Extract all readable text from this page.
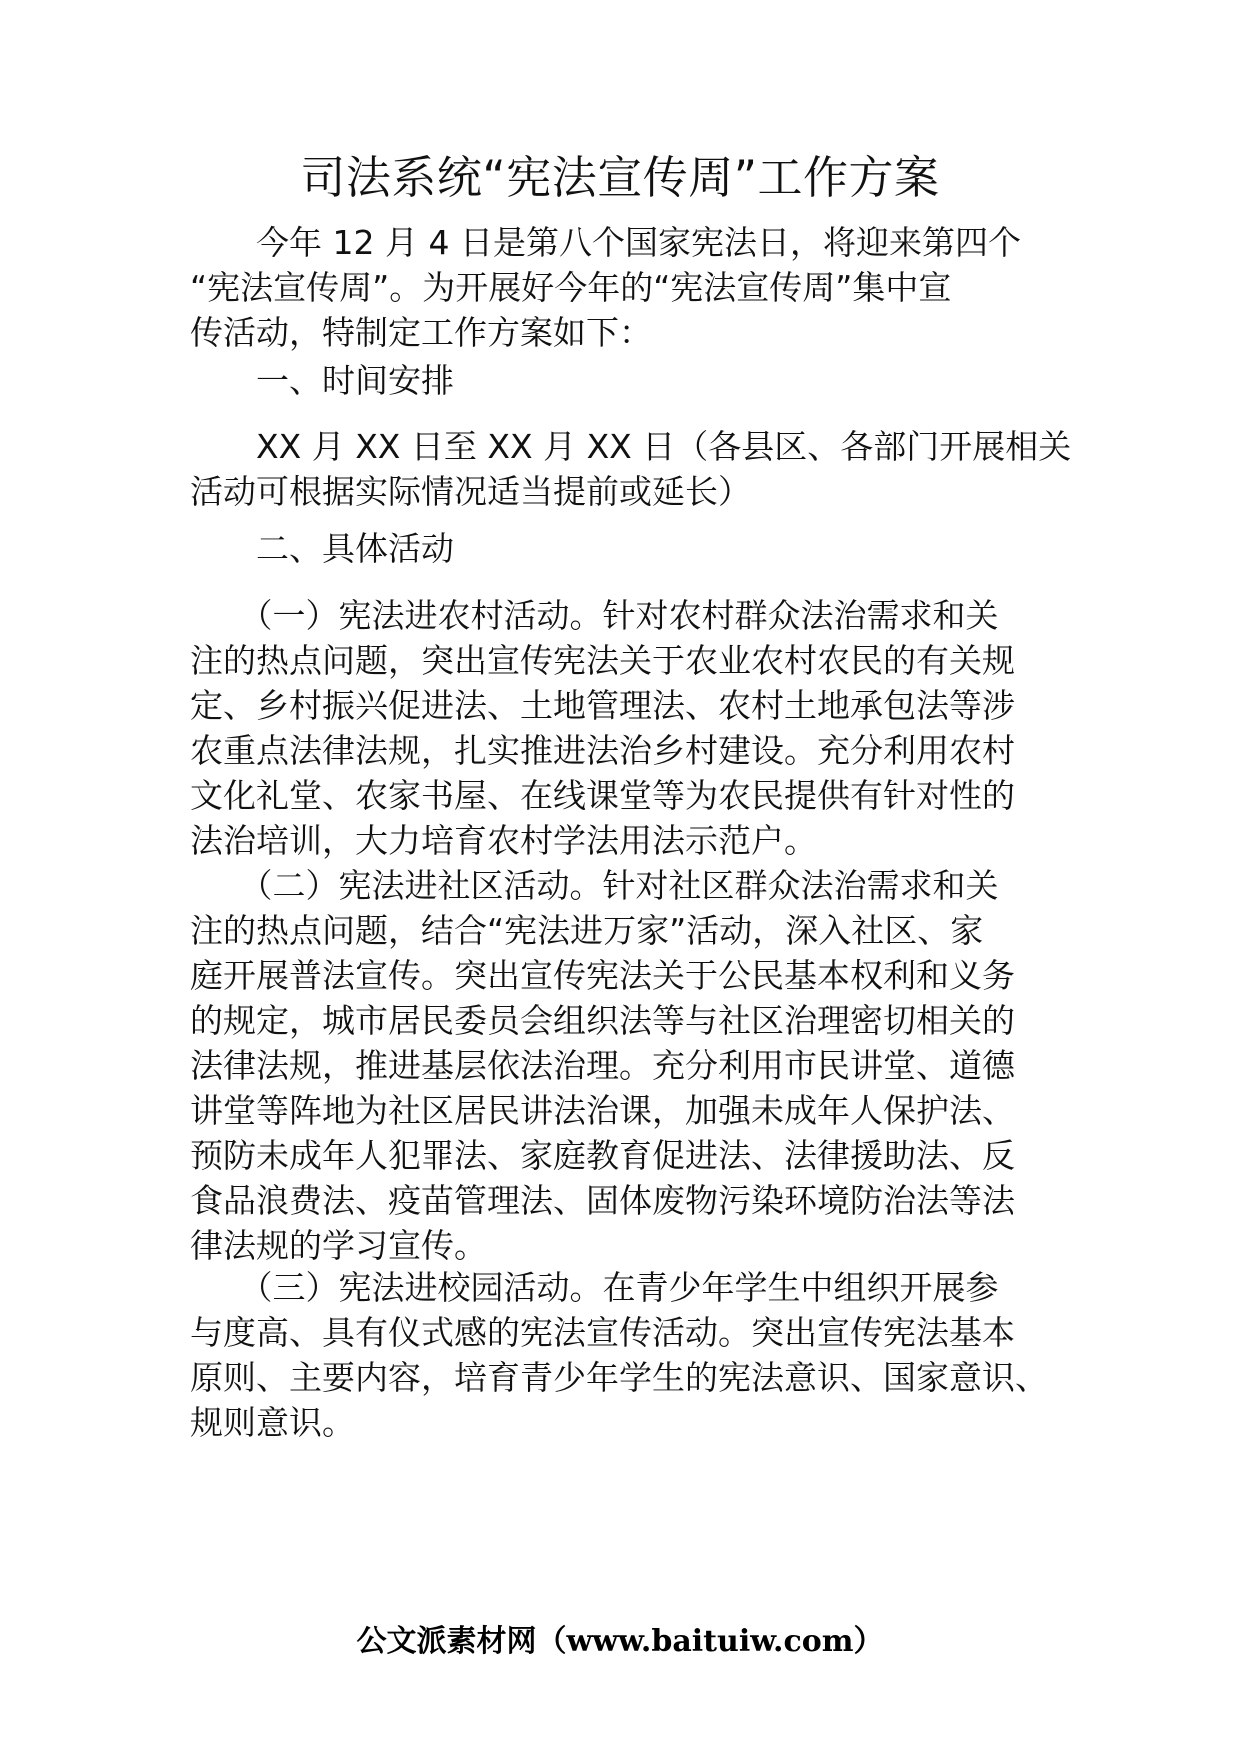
司法系统“宪法宣传周”工作方案

　　今年 12 月 4 日是第八个国家宪法日，将迎来第四个
“宪法宣传周”。为开展好今年的“宪法宣传周”集中宣
传活动，特制定工作方案如下：

　　一、时间安排

　　XX 月 XX 日至 XX 月 XX 日（各县区、各部门开展相关
活动可根据实际情况适当提前或延长）

　　二、具体活动

　　（一）宪法进农村活动。针对农村群众法治需求和关
注的热点问题，突出宣传宪法关于农业农村农民的有关规
定、乡村振兴促进法、土地管理法、农村土地承包法等涉
农重点法律法规，扎实推进法治乡村建设。充分利用农村
文化礼堂、农家书屋、在线课堂等为农民提供有针对性的
法治培训，大力培育农村学法用法示范户。

　　（二）宪法进社区活动。针对社区群众法治需求和关
注的热点问题，结合“宪法进万家”活动，深入社区、家
庭开展普法宣传。突出宣传宪法关于公民基本权利和义务
的规定，城市居民委员会组织法等与社区治理密切相关的
法律法规，推进基层依法治理。充分利用市民讲堂、道德
讲堂等阵地为社区居民讲法治课，加强未成年人保护法、
预防未成年人犯罪法、家庭教育促进法、法律援助法、反
食品浪费法、疫苗管理法、固体废物污染环境防治法等法
律法规的学习宣传。

　　（三）宪法进校园活动。在青少年学生中组织开展参
与度高、具有仪式感的宪法宣传活动。突出宣传宪法基本
原则、主要内容，培育青少年学生的宪法意识、国家意识、
规则意识。

公文派素材网（www.baituiw.com）
